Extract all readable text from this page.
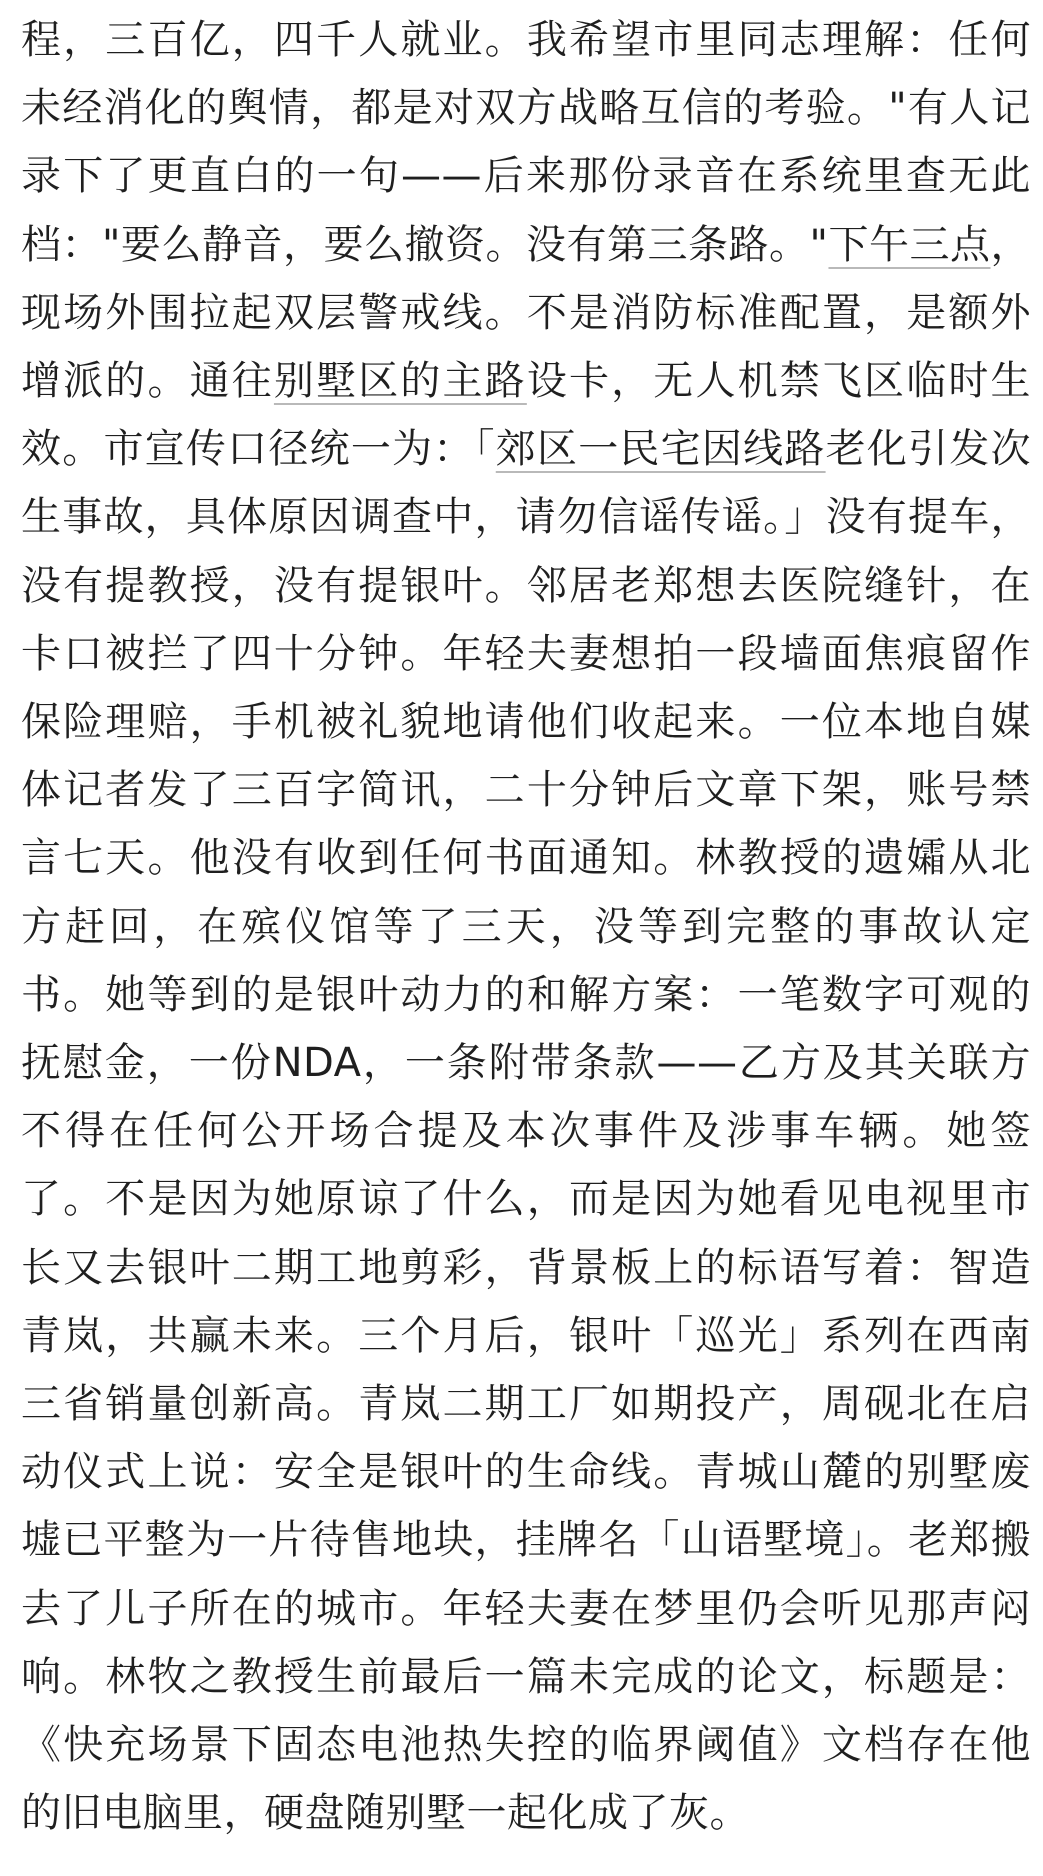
程，三百亿，四千人就业。我希望市里同志理解：任何未经消化的舆情，都是对双方战略互信的考验。"有人记录下了更直白的一句——后来那份录音在系统里查无此档："要么静音，要么撤资。没有第三条路。"下午三点，现场外围拉起双层警戒线。不是消防标准配置，是额外增派的。通往别墅区的主路设卡，无人机禁飞区临时生效。市宣传口径统一为：「郊区一民宅因线路老化引发次生事故，具体原因调查中，请勿信谣传谣。」没有提车，没有提教授，没有提银叶。邻居老郑想去医院缝针，在卡口被拦了四十分钟。年轻夫妻想拍一段墙面焦痕留作保险理赔，手机被礼貌地请他们收起来。一位本地自媒体记者发了三百字简讯，二十分钟后文章下架，账号禁言七天。他没有收到任何书面通知。林教授的遗孀从北方赶回，在殡仪馆等了三天，没等到完整的事故认定书。她等到的是银叶动力的和解方案：一笔数字可观的抚慰金，一份NDA，一条附带条款——乙方及其关联方不得在任何公开场合提及本次事件及涉事车辆。她签了。不是因为她原谅了什么，而是因为她看见电视里市长又去银叶二期工地剪彩，背景板上的标语写着：智造青岚，共赢未来。三个月后，银叶「巡光」系列在西南三省销量创新高。青岚二期工厂如期投产，周砚北在启动仪式上说：安全是银叶的生命线。青城山麓的别墅废墟已平整为一片待售地块，挂牌名「山语墅境」。老郑搬去了儿子所在的城市。年轻夫妻在梦里仍会听见那声闷响。林牧之教授生前最后一篇未完成的论文，标题是：《快充场景下固态电池热失控的临界阈值》文档存在他的旧电脑里，硬盘随别墅一起化成了灰。
